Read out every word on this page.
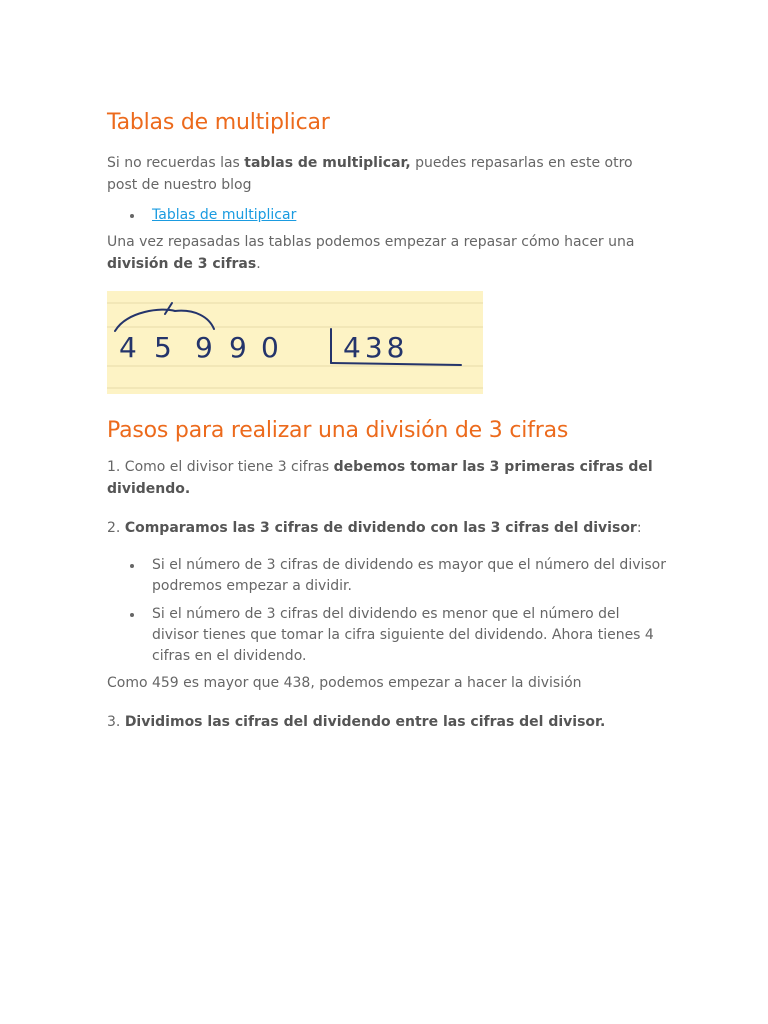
Tablas de multiplicar

Si no recuerdas las tablas de multiplicar, puedes repasarlas en este otro post de nuestro blog

Tablas de multiplicar

Una vez repasadas las tablas podemos empezar a repasar cómo hacer una división de 3 cifras.

4 5 9 9 0 438
Pasos para realizar una división de 3 cifras

1. Como el divisor tiene 3 cifras debemos tomar las 3 primeras cifras del dividendo.

2. Comparamos las 3 cifras de dividendo con las 3 cifras del divisor:

Si el número de 3 cifras de dividendo es mayor que el número del divisor podremos empezar a dividir.
Si el número de 3 cifras del dividendo es menor que el número del divisor tienes que tomar la cifra siguiente del dividendo. Ahora tienes 4 cifras en el dividendo.

Como 459 es mayor que 438, podemos empezar a hacer la división

3. Dividimos las cifras del dividendo entre las cifras del divisor.
